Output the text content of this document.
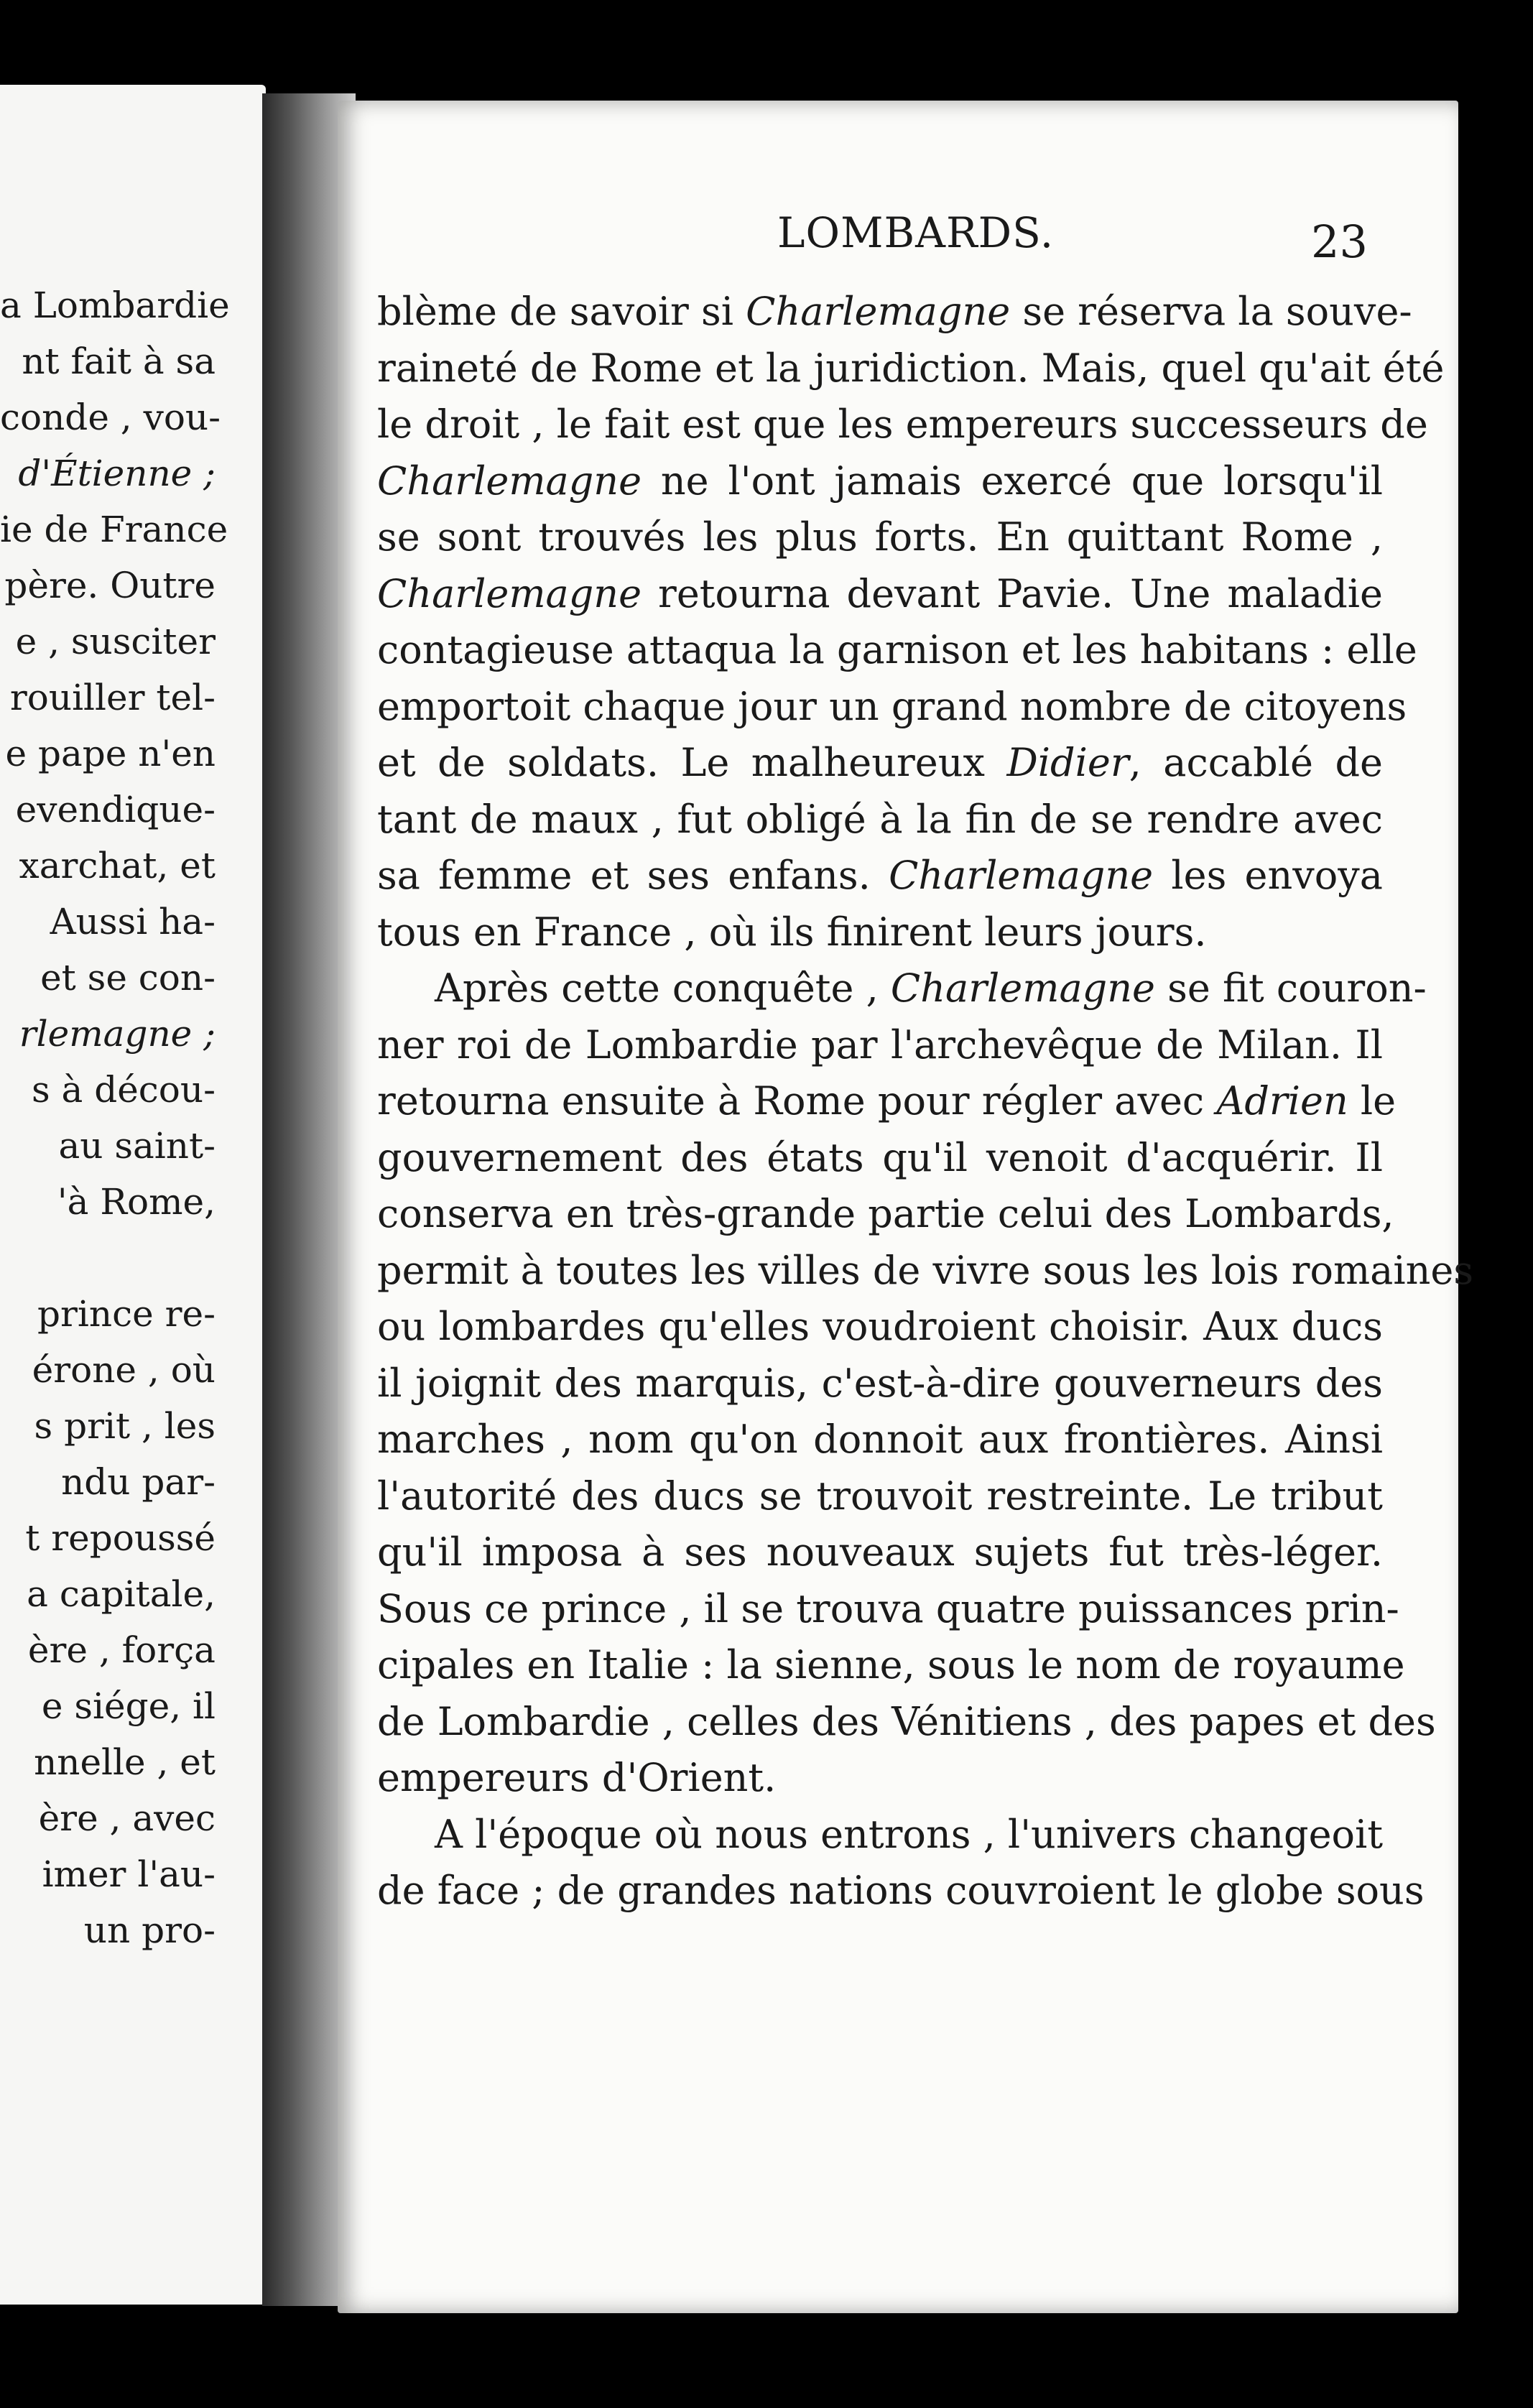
a Lombardie
nt fait à sa
conde , vou-
d'Étienne ;
ie de France
père. Outre
e , susciter
rouiller tel-
e pape n'en
evendique-
xarchat, et
Aussi ha-
et se con-
rlemagne ;
s à décou-
au saint-
'à Rome,
prince re-
érone , où
s prit , les
ndu par-
t repoussé
a capitale,
ère , força
e siége, il
nnelle , et
ère , avec
imer l'au-
un pro-
LOMBARDS.	23
blème de savoir si Charlemagne se réserva la souve-
raineté de Rome et la juridiction. Mais, quel qu'ait été
le droit , le fait est que les empereurs successeurs de
Charlemagne ne l'ont jamais exercé que lorsqu'il
se sont trouvés les plus forts. En quittant Rome ,
Charlemagne retourna devant Pavie. Une maladie
contagieuse attaqua la garnison et les habitans : elle
emportoit chaque jour un grand nombre de citoyens
et de soldats. Le malheureux Didier, accablé de
tant de maux , fut obligé à la fin de se rendre avec
sa femme et ses enfans. Charlemagne les envoya
tous en France , où ils finirent leurs jours.
Après cette conquête , Charlemagne se fit couron-
ner roi de Lombardie par l'archevêque de Milan. Il
retourna ensuite à Rome pour régler avec Adrien le
gouvernement des états qu'il venoit d'acquérir. Il
conserva en très-grande partie celui des Lombards,
permit à toutes les villes de vivre sous les lois romaines
ou lombardes qu'elles voudroient choisir. Aux ducs
il joignit des marquis, c'est-à-dire gouverneurs des
marches , nom qu'on donnoit aux frontières. Ainsi
l'autorité des ducs se trouvoit restreinte. Le tribut
qu'il imposa à ses nouveaux sujets fut très-léger.
Sous ce prince , il se trouva quatre puissances prin-
cipales en Italie : la sienne, sous le nom de royaume
de Lombardie , celles des Vénitiens , des papes et des
empereurs d'Orient.
A l'époque où nous entrons , l'univers changeoit
de face ; de grandes nations couvroient le globe sous
